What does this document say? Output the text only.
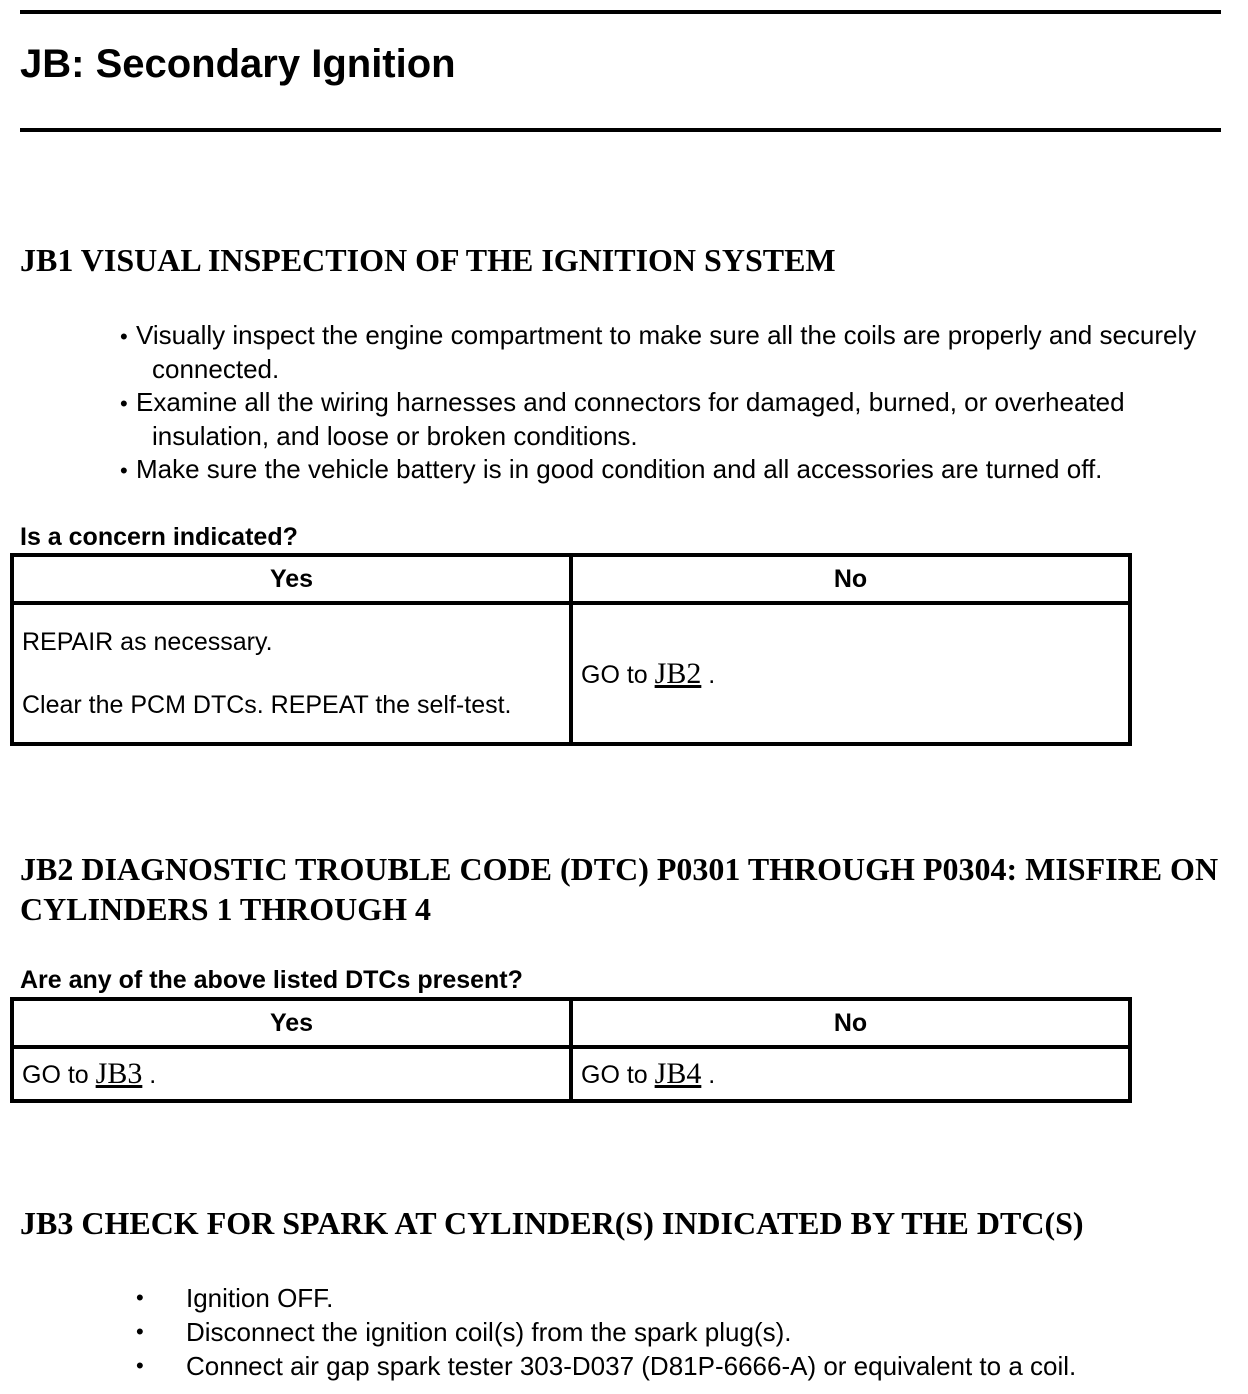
JB: Secondary Ignition
JB1 VISUAL INSPECTION OF THE IGNITION SYSTEM
• Visually inspect the engine compartment to make sure all the coils are properly and securely connected.
• Examine all the wiring harnesses and connectors for damaged, burned, or overheated insulation, and loose or broken conditions.
• Make sure the vehicle battery is in good condition and all accessories are turned off.

Is a concern indicated?

Yes	No

REPAIR as necessary.

Clear the PCM DTCs. REPEAT the self-test.	GO to JB2 .
JB2 DIAGNOSTIC TROUBLE CODE (DTC) P0301 THROUGH P0304: MISFIRE ON CYLINDERS 1 THROUGH 4

Are any of the above listed DTCs present?

Yes	No
GO to JB3 .	GO to JB4 .
JB3 CHECK FOR SPARK AT CYLINDER(S) INDICATED BY THE DTC(S)
•	Ignition OFF.
•	Disconnect the ignition coil(s) from the spark plug(s).
•	Connect air gap spark tester 303-D037 (D81P-6666-A) or equivalent to a coil.
